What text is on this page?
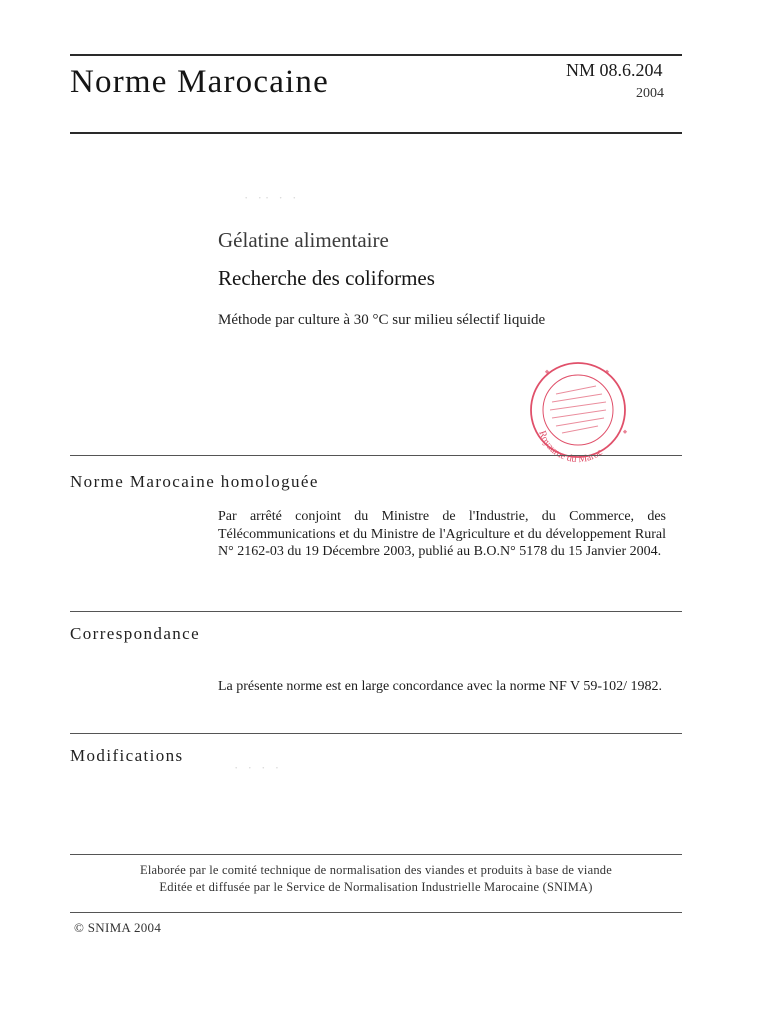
Norme Marocaine	NM 08.6.204
2004
· ·· · ·
· · · ·
Gélatine alimentaire
Recherche des coliformes
Méthode par culture à 30 °C sur milieu sélectif liquide
Royaume du Maroc
Norme Marocaine homologuée
Par arrêté conjoint du Ministre de l'Industrie, du Commerce, des Télécommunications et du Ministre de l'Agriculture et du développement Rural N° 2162-03 du 19 Décembre 2003, publié au B.O.N° 5178 du 15 Janvier 2004.
Correspondance
La présente norme est en large concordance avec la norme NF V 59-102/ 1982.
Modifications
Elaborée par le comité technique de normalisation des viandes et produits à base de viande
Editée et diffusée par le Service de Normalisation Industrielle Marocaine (SNIMA)
© SNIMA 2004
